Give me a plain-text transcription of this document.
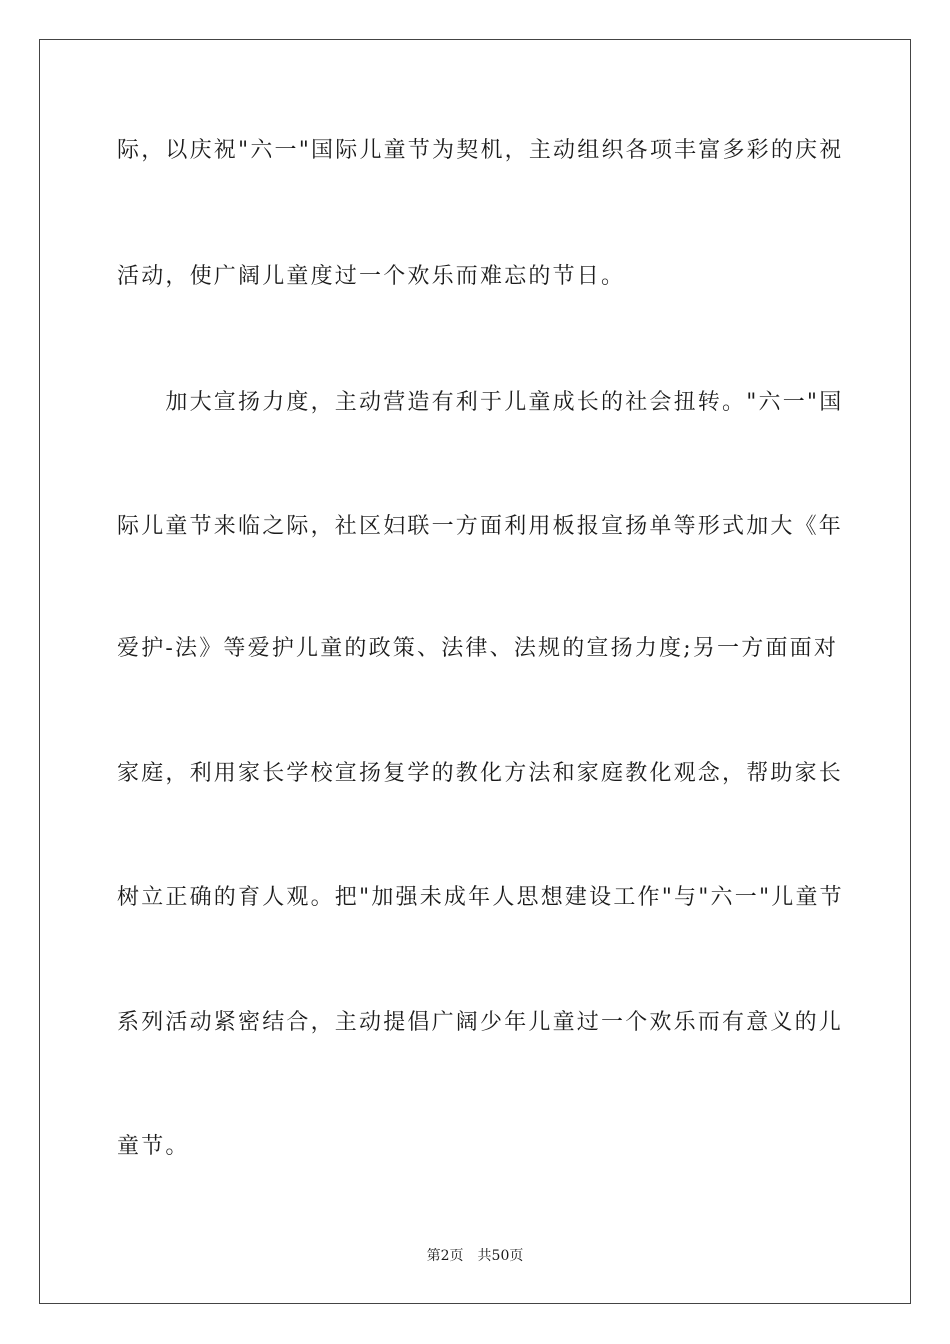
际，以庆祝"六一"国际儿童节为契机，主动组织各项丰富多彩的庆祝
活动，使广阔儿童度过一个欢乐而难忘的节日。
　　加大宣扬力度，主动营造有利于儿童成长的社会扭转。"六一"国
际儿童节来临之际，社区妇联一方面利用板报宣扬单等形式加大《年
爱护-法》等爱护儿童的政策、法律、法规的宣扬力度;另一方面面对
家庭，利用家长学校宣扬复学的教化方法和家庭教化观念，帮助家长
树立正确的育人观。把"加强未成年人思想建设工作"与"六一"儿童节
系列活动紧密结合，主动提倡广阔少年儿童过一个欢乐而有意义的儿
童节。
第2页 共50页
